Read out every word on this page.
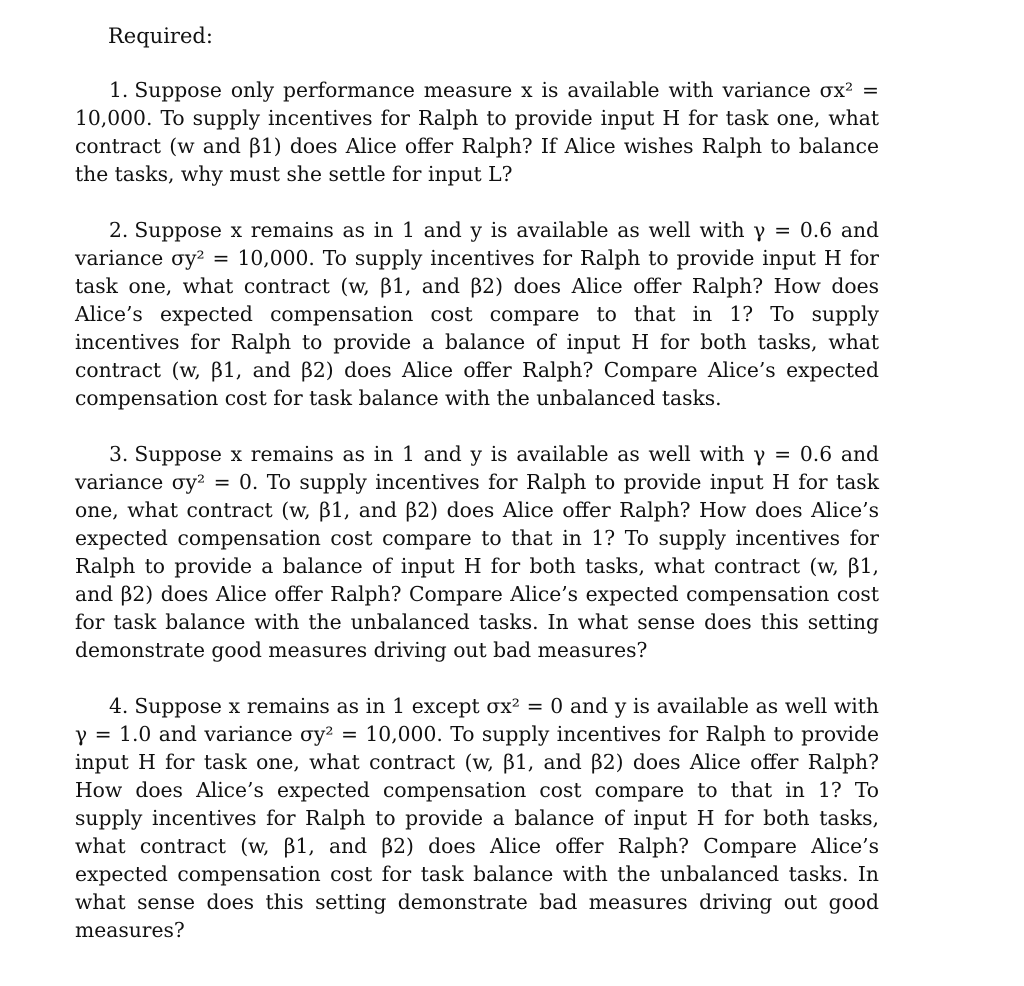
Required:

1. Suppose only performance measure x is available with variance σx² = 10,000. To supply incentives for Ralph to provide input H for task one, what contract (w and β1) does Alice offer Ralph? If Alice wishes Ralph to balance the tasks, why must she settle for input L?

2. Suppose x remains as in 1 and y is available as well with γ = 0.6 and variance σy² = 10,000. To supply incentives for Ralph to provide input H for task one, what contract (w, β1, and β2) does Alice offer Ralph? How does Alice’s expected compensation cost compare to that in 1? To supply incentives for Ralph to provide a balance of input H for both tasks, what contract (w, β1, and β2) does Alice offer Ralph? Compare Alice’s expected compensation cost for task balance with the unbalanced tasks.

3. Suppose x remains as in 1 and y is available as well with γ = 0.6 and variance σy² = 0. To supply incentives for Ralph to provide input H for task one, what contract (w, β1, and β2) does Alice offer Ralph? How does Alice’s expected compensation cost compare to that in 1? To supply incentives for Ralph to provide a balance of input H for both tasks, what contract (w, β1, and β2) does Alice offer Ralph? Compare Alice’s expected compensation cost for task balance with the unbalanced tasks. In what sense does this setting demonstrate good measures driving out bad measures?

4. Suppose x remains as in 1 except σx² = 0 and y is available as well with γ = 1.0 and variance σy² = 10,000. To supply incentives for Ralph to provide input H for task one, what contract (w, β1, and β2) does Alice offer Ralph? How does Alice’s expected compensation cost compare to that in 1? To supply incentives for Ralph to provide a balance of input H for both tasks, what contract (w, β1, and β2) does Alice offer Ralph? Compare Alice’s expected compensation cost for task balance with the unbalanced tasks. In what sense does this setting demonstrate bad measures driving out good measures?
